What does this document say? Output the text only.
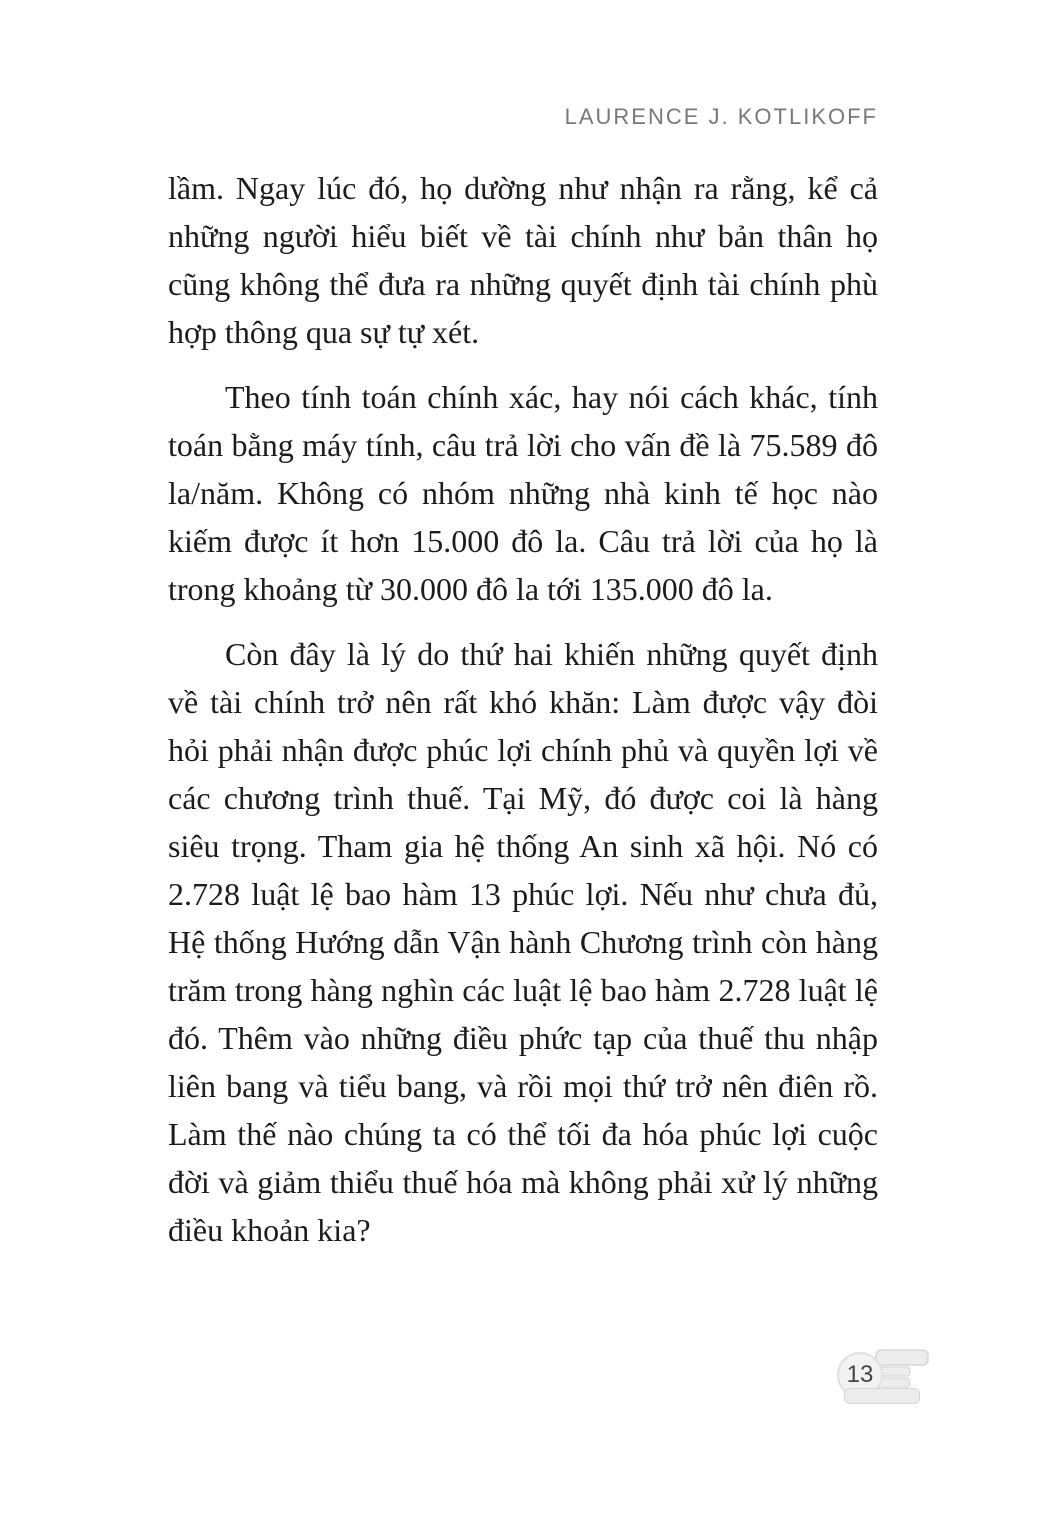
LAURENCE J. KOTLIKOFF

lầm. Ngay lúc đó, họ dường như nhận ra rằng, kể cả những người hiểu biết về tài chính như bản thân họ cũng không thể đưa ra những quyết định tài chính phù hợp thông qua sự tự xét.

Theo tính toán chính xác, hay nói cách khác, tính toán bằng máy tính, câu trả lời cho vấn đề là 75.589 đô la/năm. Không có nhóm những nhà kinh tế học nào kiếm được ít hơn 15.000 đô la. Câu trả lời của họ là trong khoảng từ 30.000 đô la tới 135.000 đô la.

Còn đây là lý do thứ hai khiến những quyết định về tài chính trở nên rất khó khăn: Làm được vậy đòi hỏi phải nhận được phúc lợi chính phủ và quyền lợi về các chương trình thuế. Tại Mỹ, đó được coi là hàng siêu trọng. Tham gia hệ thống An sinh xã hội. Nó có 2.728 luật lệ bao hàm 13 phúc lợi. Nếu như chưa đủ, Hệ thống Hướng dẫn Vận hành Chương trình còn hàng trăm trong hàng nghìn các luật lệ bao hàm 2.728 luật lệ đó. Thêm vào những điều phức tạp của thuế thu nhập liên bang và tiểu bang, và rồi mọi thứ trở nên điên rồ. Làm thế nào chúng ta có thể tối đa hóa phúc lợi cuộc đời và giảm thiểu thuế hóa mà không phải xử lý những điều khoản kia?

13
